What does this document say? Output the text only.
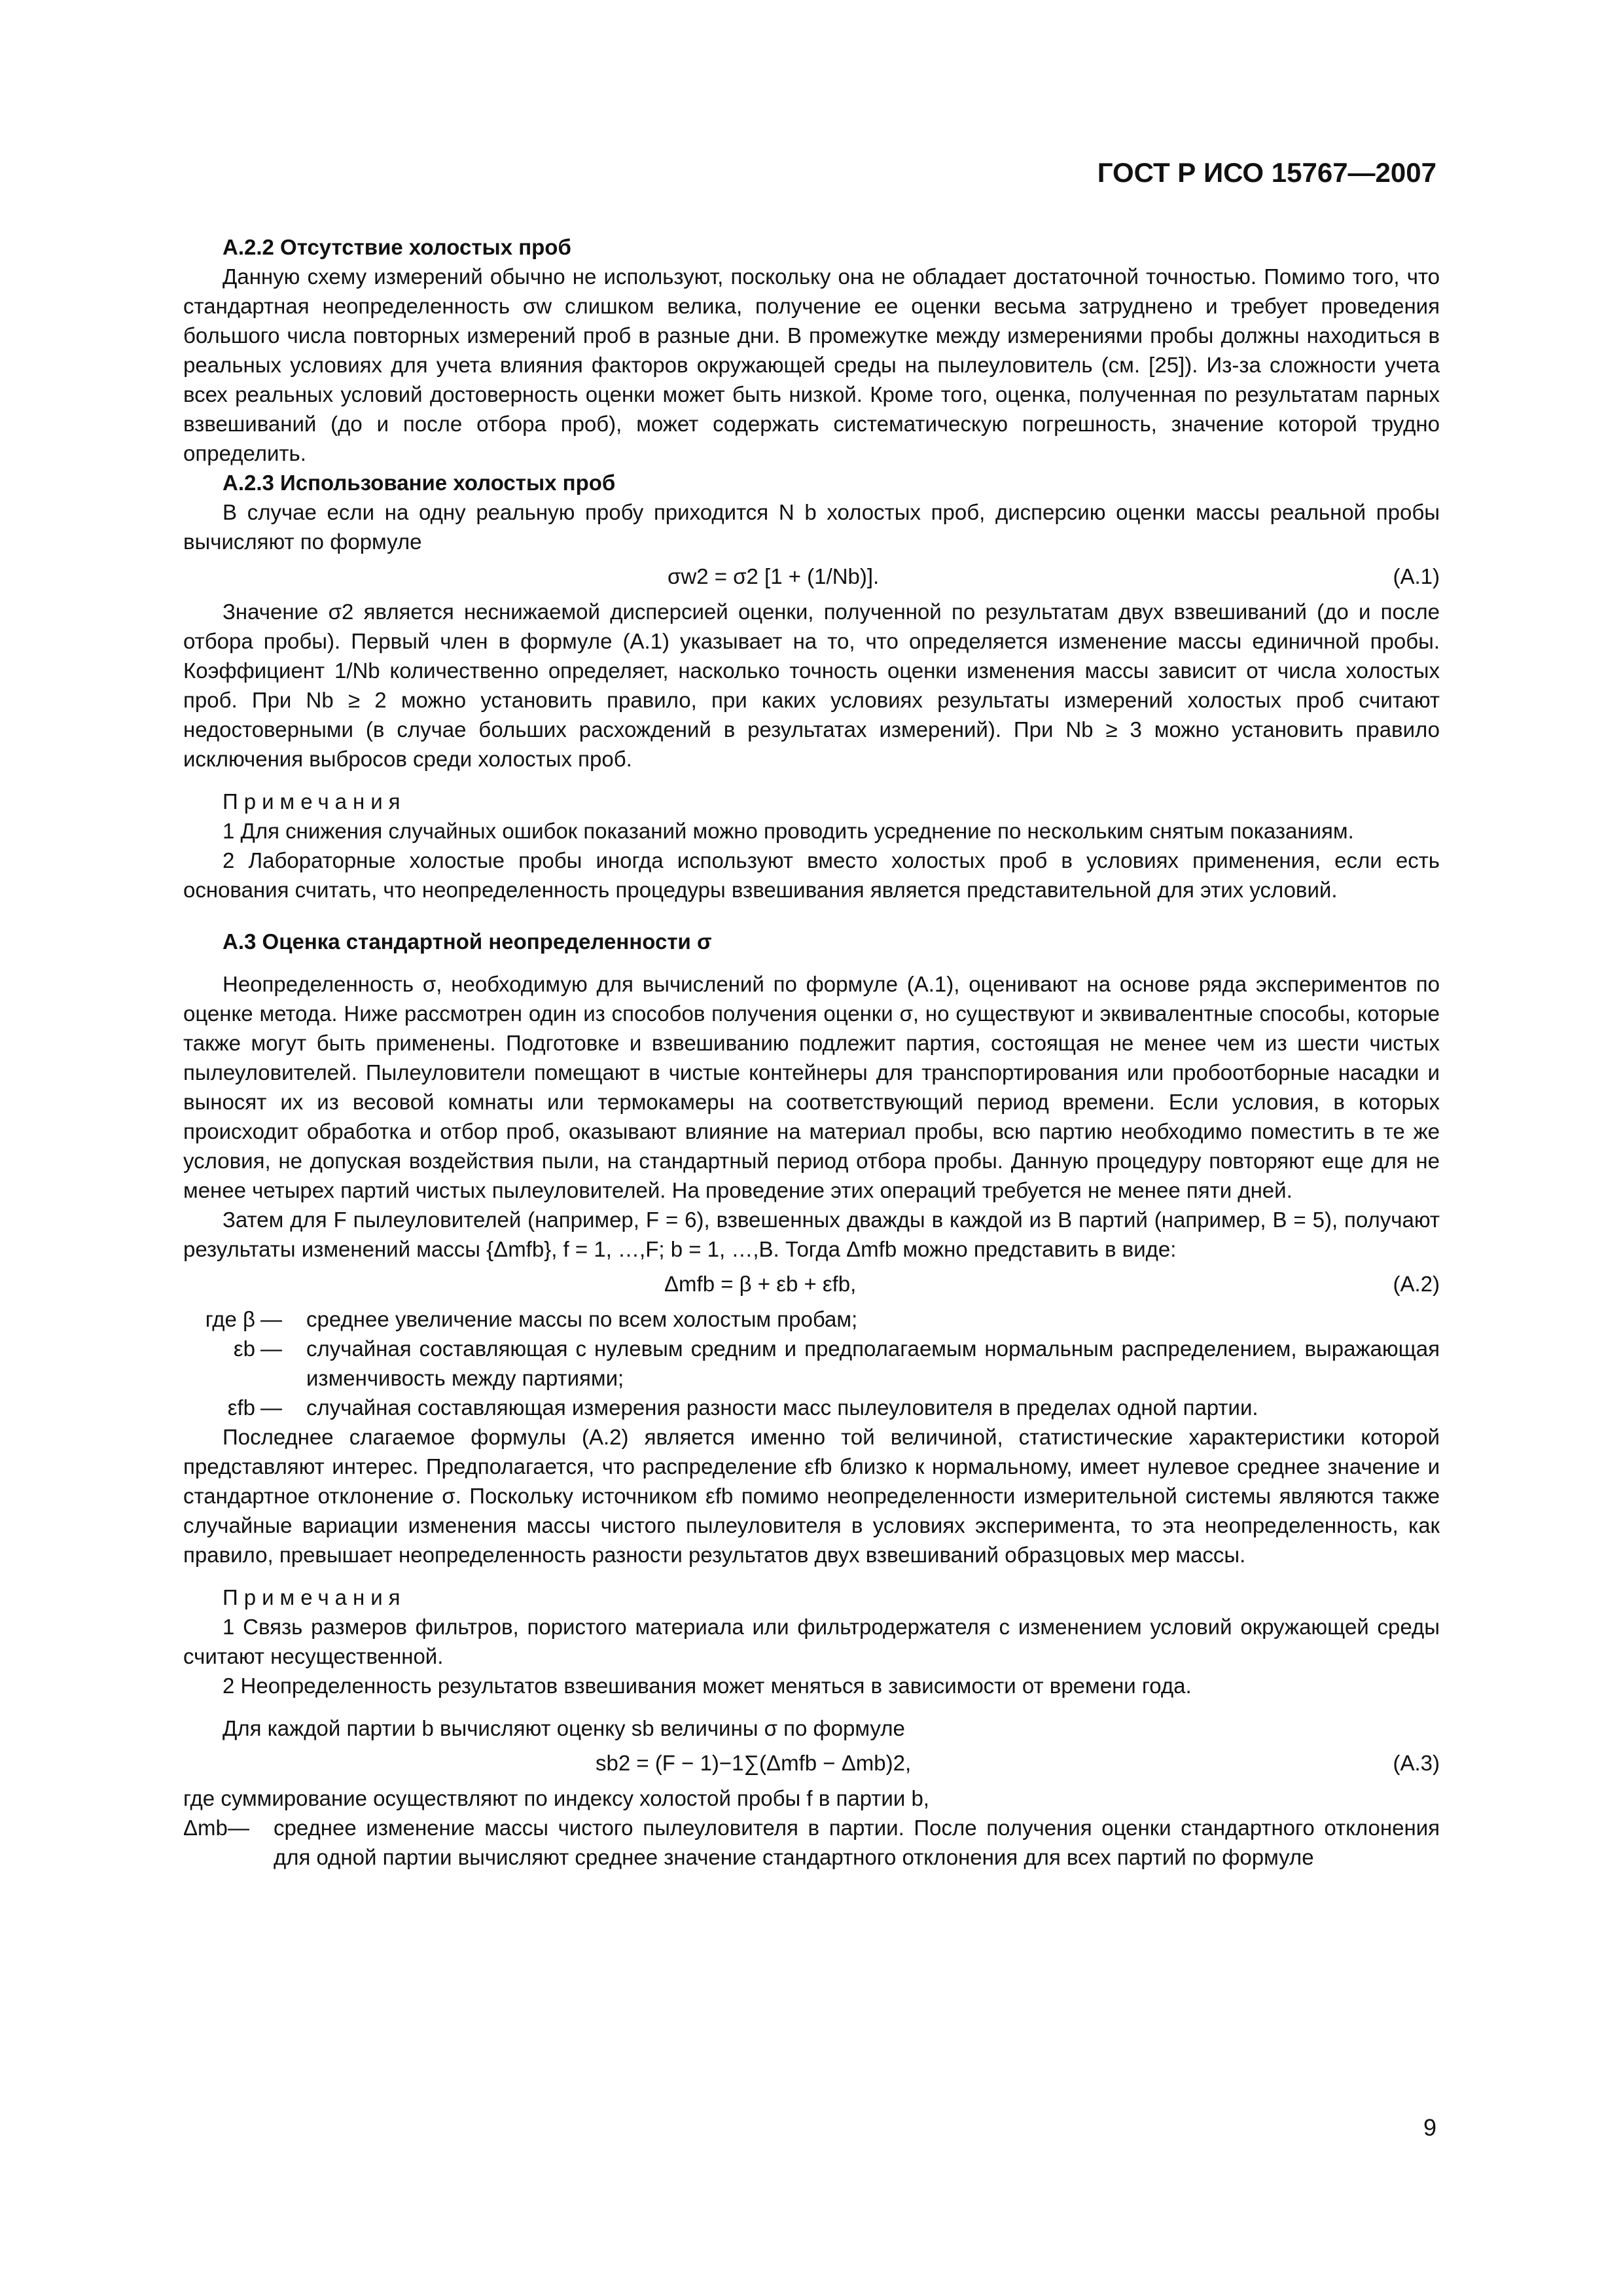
ГОСТ Р ИСО 15767—2007

А.2.2 Отсутствие холостых проб

Данную схему измерений обычно не используют, поскольку она не обладает достаточной точностью. Помимо того, что стандартная неопределенность σw слишком велика, получение ее оценки весьма затруднено и требует проведения большого числа повторных измерений проб в разные дни. В промежутке между измерениями пробы должны находиться в реальных условиях для учета влияния факторов окружающей среды на пылеуловитель (см. [25]). Из-за сложности учета всех реальных условий достоверность оценки может быть низкой. Кроме того, оценка, полученная по результатам парных взвешиваний (до и после отбора проб), может содержать систематическую погрешность, значение которой трудно определить.

А.2.3 Использование холостых проб

В случае если на одну реальную пробу приходится N b холостых проб, дисперсию оценки массы реальной пробы вычисляют по формуле

σw2 = σ2 [1 + (1/Nb)].	(А.1)

Значение σ2 является неснижаемой дисперсией оценки, полученной по результатам двух взвешиваний (до и после отбора пробы). Первый член в формуле (А.1) указывает на то, что определяется изменение массы единичной пробы. Коэффициент 1/Nb количественно определяет, насколько точность оценки изменения массы зависит от числа холостых проб. При Nb ≥ 2 можно установить правило, при каких условиях результаты измерений холостых проб считают недостоверными (в случае больших расхождений в результатах измерений). При Nb ≥ 3 можно установить правило исключения выбросов среди холостых проб.

Примечания

1 Для снижения случайных ошибок показаний можно проводить усреднение по нескольким снятым показаниям.

2 Лабораторные холостые пробы иногда используют вместо холостых проб в условиях применения, если есть основания считать, что неопределенность процедуры взвешивания является представительной для этих условий.

А.3 Оценка стандартной неопределенности σ

Неопределенность σ, необходимую для вычислений по формуле (А.1), оценивают на основе ряда экспериментов по оценке метода. Ниже рассмотрен один из способов получения оценки σ, но существуют и эквивалентные способы, которые также могут быть применены. Подготовке и взвешиванию подлежит партия, состоящая не менее чем из шести чистых пылеуловителей. Пылеуловители помещают в чистые контейнеры для транспортирования или пробоотборные насадки и выносят их из весовой комнаты или термокамеры на соответствующий период времени. Если условия, в которых происходит обработка и отбор проб, оказывают влияние на материал пробы, всю партию необходимо поместить в те же условия, не допуская воздействия пыли, на стандартный период отбора пробы. Данную процедуру повторяют еще для не менее четырех партий чистых пылеуловителей. На проведение этих операций требуется не менее пяти дней.

Затем для F пылеуловителей (например, F = 6), взвешенных дважды в каждой из B партий (например, B = 5), получают результаты изменений массы {Δmfb}, f = 1, …,F; b = 1, …,B. Тогда Δmfb можно представить в виде:

Δmfb = β + εb + εfb,	(А.2)
где β —	среднее увеличение массы по всем холостым пробам;
εb —	случайная составляющая с нулевым средним и предполагаемым нормальным распределением, выражающая изменчивость между партиями;
εfb —	случайная составляющая измерения разности масс пылеуловителя в пределах одной партии.

Последнее слагаемое формулы (А.2) является именно той величиной, статистические характеристики которой представляют интерес. Предполагается, что распределение εfb близко к нормальному, имеет нулевое среднее значение и стандартное отклонение σ. Поскольку источником εfb помимо неопределенности измерительной системы являются также случайные вариации изменения массы чистого пылеуловителя в условиях эксперимента, то эта неопределенность, как правило, превышает неопределенность разности результатов двух взвешиваний образцовых мер массы.

Примечания

1 Связь размеров фильтров, пористого материала или фильтродержателя с изменением условий окружающей среды считают несущественной.

2 Неопределенность результатов взвешивания может меняться в зависимости от времени года.

Для каждой партии b вычисляют оценку sb величины σ по формуле

sb2 = (F − 1)−1∑(Δmfb − Δmb)2,	(А.3)

где суммирование осуществляют по индексу холостой пробы f в партии b,

Δmb —	среднее изменение массы чистого пылеуловителя в партии. После получения оценки стандартного отклонения для одной партии вычисляют среднее значение стандартного отклонения для всех партий по формуле
9
